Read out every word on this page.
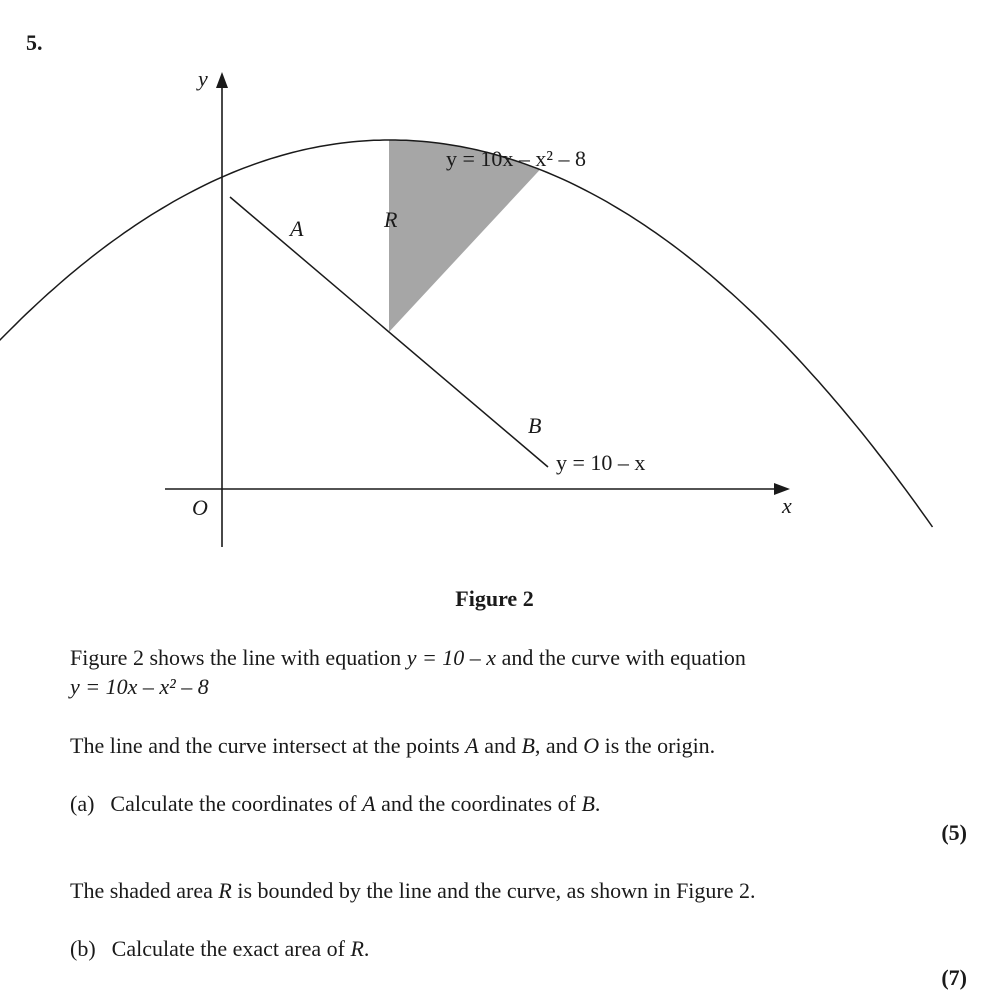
5.
y
x
O
A
B
R
y = 10x – x² – 8
y = 10 – x
Figure 2
Figure 2 shows the line with equation y = 10 – x and the curve with equation
y = 10x – x² – 8
The line and the curve intersect at the points A and B, and O is the origin.
(a) Calculate the coordinates of A and the coordinates of B.
(5)
The shaded area R is bounded by the line and the curve, as shown in Figure 2.
(b) Calculate the exact area of R.
(7)
